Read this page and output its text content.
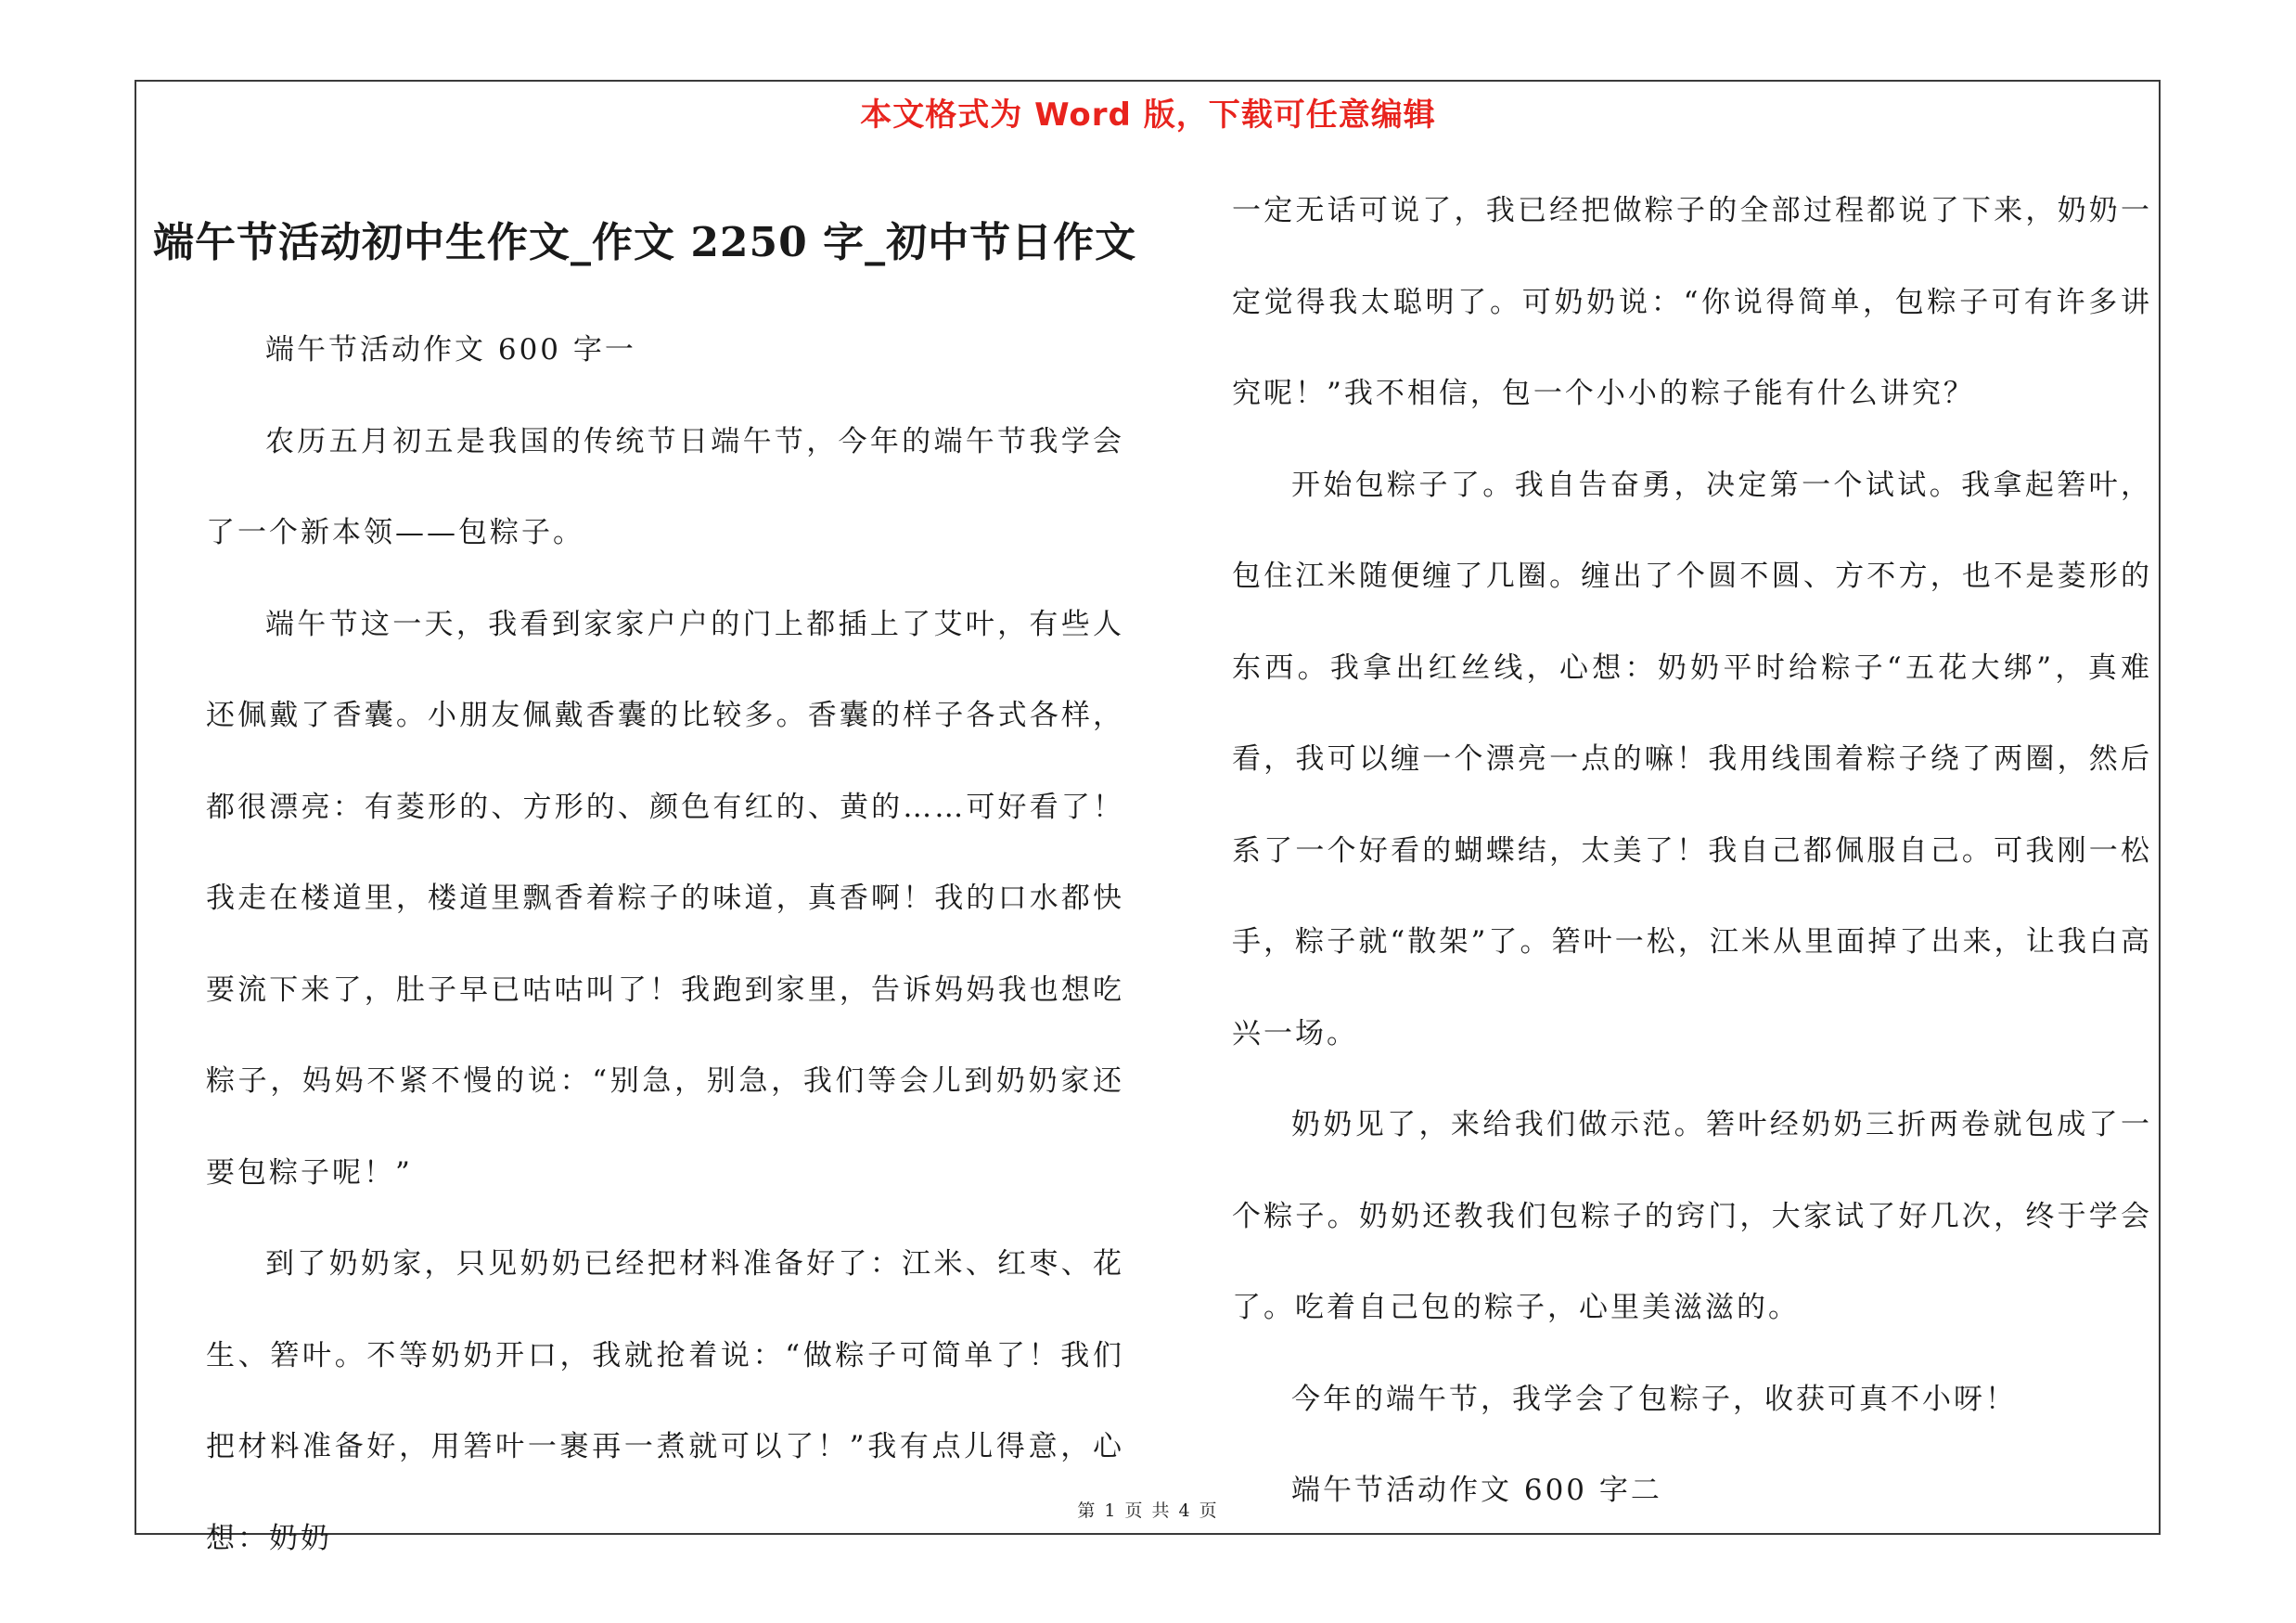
本文格式为 Word 版，下载可任意编辑
端午节活动初中生作文_作文 2250 字_初中节日作文

端午节活动作文 600 字一

农历五月初五是我国的传统节日端午节，今年的端午节我学会了一个新本领——包粽子。

端午节这一天，我看到家家户户的门上都插上了艾叶，有些人还佩戴了香囊。小朋友佩戴香囊的比较多。香囊的样子各式各样，都很漂亮：有菱形的、方形的、颜色有红的、黄的……可好看了！我走在楼道里，楼道里飘香着粽子的味道，真香啊！我的口水都快要流下来了，肚子早已咕咕叫了！我跑到家里，告诉妈妈我也想吃粽子，妈妈不紧不慢的说：“别急，别急，我们等会儿到奶奶家还要包粽子呢！”

到了奶奶家，只见奶奶已经把材料准备好了：江米、红枣、花生、箬叶。不等奶奶开口，我就抢着说：“做粽子可简单了！我们把材料准备好，用箬叶一裹再一煮就可以了！”我有点儿得意，心想：奶奶

一定无话可说了，我已经把做粽子的全部过程都说了下来，奶奶一定觉得我太聪明了。可奶奶说：“你说得简单，包粽子可有许多讲究呢！”我不相信，包一个小小的粽子能有什么讲究？

开始包粽子了。我自告奋勇，决定第一个试试。我拿起箬叶，包住江米随便缠了几圈。缠出了个圆不圆、方不方，也不是菱形的东西。我拿出红丝线，心想：奶奶平时给粽子“五花大绑”，真难看，我可以缠一个漂亮一点的嘛！我用线围着粽子绕了两圈，然后系了一个好看的蝴蝶结，太美了！我自己都佩服自己。可我刚一松手，粽子就“散架”了。箬叶一松，江米从里面掉了出来，让我白高兴一场。

奶奶见了，来给我们做示范。箬叶经奶奶三折两卷就包成了一个粽子。奶奶还教我们包粽子的窍门，大家试了好几次，终于学会了。吃着自己包的粽子，心里美滋滋的。

今年的端午节，我学会了包粽子，收获可真不小呀！

端午节活动作文 600 字二

第 1 页 共 4 页
